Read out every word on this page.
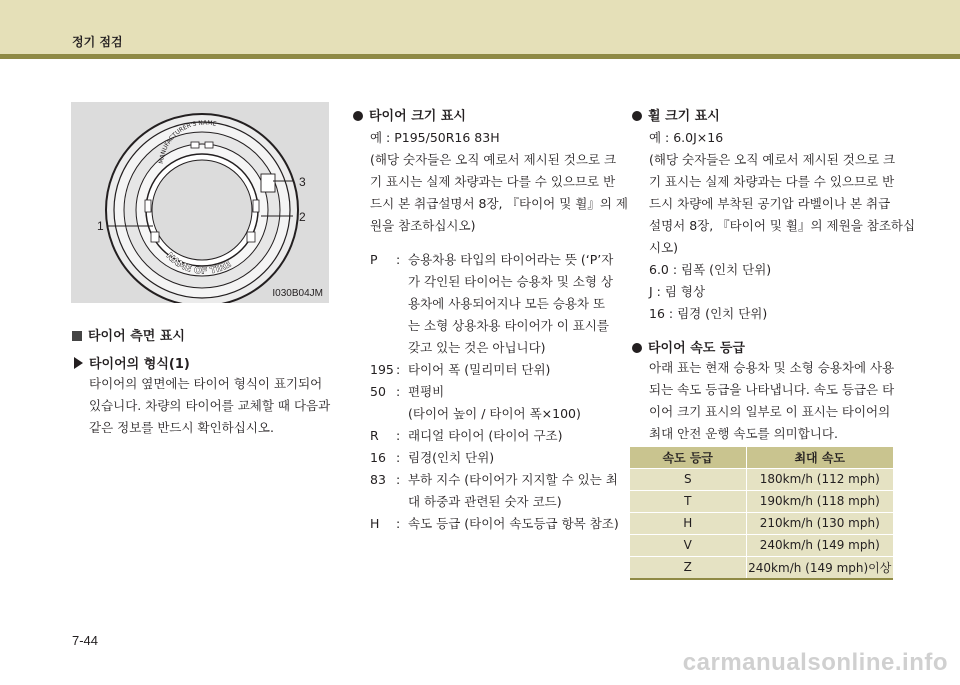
정기 점검
MANUFACTURER'S NAME
NAME OF TIRE
1
2
3
I030B04JM
타이어 측면 표시
타이어의 형식(1)
타이어의 옆면에는 타이어 형식이 표기되어
있습니다. 차량의 타이어를 교체할 때 다음과
같은 정보를 반드시 확인하십시오.
타이어 크기 표시
예 : P195/50R16 83H
(해당 숫자들은 오직 예로서 제시된 것으로 크
기 표시는 실제 차량과는 다를 수 있으므로 반
드시 본 취급설명서 8장, 『타이어 및 휠』의 제
원을 참조하십시오)
P : 승용차용 타입의 타이어라는 뜻 (‘P’자
가 각인된 타이어는 승용차 및 소형 상
용차에 사용되어지나 모든 승용차 또
는 소형 상용차용 타이어가 이 표시를
갖고 있는 것은 아닙니다)
195 : 타이어 폭 (밀리미터 단위)
50 : 편평비
(타이어 높이 / 타이어 폭×100)
R : 래디얼 타이어 (타이어 구조)
16 : 림경(인치 단위)
83 : 부하 지수 (타이어가 지지할 수 있는 최
대 하중과 관련된 숫자 코드)
H : 속도 등급 (타이어 속도등급 항목 참조)
휠 크기 표시
예 : 6.0J×16
(해당 숫자들은 오직 예로서 제시된 것으로 크
기 표시는 실제 차량과는 다를 수 있으므로 반
드시 차량에 부착된 공기압 라벨이나 본 취급
설명서 8장, 『타이어 및 휠』의 제원을 참조하십
시오)
6.0 : 림폭 (인치 단위)
J : 림 형상
16 : 림경 (인치 단위)
타이어 속도 등급
아래 표는 현재 승용차 및 소형 승용차에 사용
되는 속도 등급을 나타냅니다. 속도 등급은 타
이어 크기 표시의 일부로 이 표시는 타이어의
최대 안전 운행 속도를 의미합니다.
속도 등급	최대 속도
S	180km/h (112 mph)
T	190km/h (118 mph)
H	210km/h (130 mph)
V	240km/h (149 mph)
Z	240km/h (149 mph)이상
7-44
carmanualsonline.info
